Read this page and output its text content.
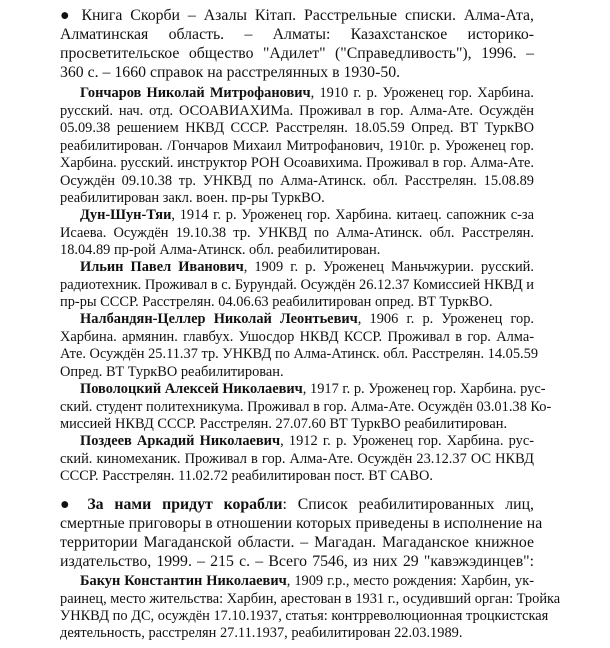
● Книга Скорби – Азалы Кітап. Расстрельные списки. Алма-Ата,
Алматинская область. – Алматы: Казахстанское историко-
просветительское общество "Адилет" ("Справедливость"), 1996. –
360 с. – 1660 справок на расстрелянных в 1930-50.
Гончаров Николай Митрофанович, 1910 г. р. Уроженец гор. Харбина.
русский. нач. отд. ОСОАВИАХИМа. Проживал в гор. Алма-Ате. Осуждён
05.09.38 решением НКВД СССР. Расстрелян. 18.05.59 Опред. ВТ ТуркВО
реабилитирован. /Гончаров Михаил Митрофанович, 1910г. р. Уроженец гор.
Харбина. русский. инструктор РОН Осоавихима. Проживал в гор. Алма-Ате.
Осуждён 09.10.38 тр. УНКВД по Алма-Атинск. обл. Расстрелян. 15.08.89
реабилитирован закл. воен. пр-ры ТуркВО.
Дун-Шун-Тяи, 1914 г. р. Уроженец гор. Харбина. китаец. сапожник с-за
Исаева. Осуждён 19.10.38 тр. УНКВД по Алма-Атинск. обл. Расстрелян.
18.04.89 пр-рой Алма-Атинск. обл. реабилитирован.
Ильин Павел Иванович, 1909 г. р. Уроженец Маньчжурии. русский.
радиотехник. Проживал в с. Бурундай. Осуждён 26.12.37 Комиссией НКВД и
пр-ры СССР. Расстрелян. 04.06.63 реабилитирован опред. ВТ ТуркВО.
Налбандян-Целлер Николай Леонтьевич, 1906 г. р. Уроженец гор.
Харбина. армянин. главбух. Ушосдор НКВД КССР. Проживал в гор. Алма-
Ате. Осуждён 25.11.37 тр. УНКВД по Алма-Атинск. обл. Расстрелян. 14.05.59
Опред. ВТ ТуркВО реабилитирован.
Поволоцкий Алексей Николаевич, 1917 г. р. Уроженец гор. Харбина. рус-
ский. студент политехникума. Проживал в гор. Алма-Ате. Осуждён 03.01.38 Ко-
миссией НКВД СССР. Расстрелян. 27.07.60 ВТ ТуркВО реабилитирован.
Поздеев Аркадий Николаевич, 1912 г. р. Уроженец гор. Харбина. рус-
ский. киномеханик. Проживал в гор. Алма-Ате. Осуждён 23.12.37 ОС НКВД
СССР. Расстрелян. 11.02.72 реабилитирован пост. ВТ САВО.
● За нами придут корабли: Список реабилитированных лиц,
смертные приговоры в отношении которых приведены в исполнение на
территории Магаданской области. – Магадан. Магаданское книжное
издательство, 1999. – 215 с. – Всего 7546, из них 29 "кавэжэдинцев":
Бакун Константин Николаевич, 1909 г.р., место рождения: Харбин, ук-
раинец, место жительства: Харбин, арестован в 1931 г., осудивший орган: Тройка
УНКВД по ДС, осуждён 17.10.1937, статья: контрреволюционная троцкистская
деятельность, расстрелян 27.11.1937, реабилитирован 22.03.1989.
